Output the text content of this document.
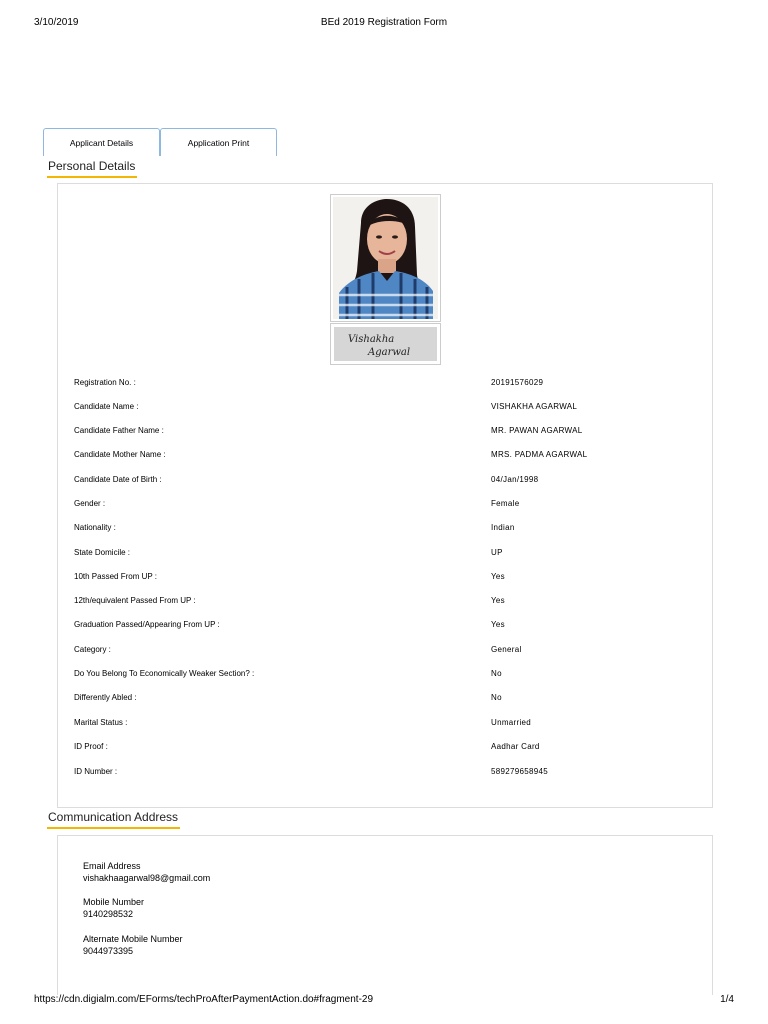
3/10/2019	BEd 2019 Registration Form
Applicant Details	Application Print
Personal Details
Vishakha
Agarwal
Registration No. :	20191576029
Candidate Name :	VISHAKHA AGARWAL
Candidate Father Name :	MR. PAWAN AGARWAL
Candidate Mother Name :	MRS. PADMA AGARWAL
Candidate Date of Birth :	04/Jan/1998
Gender :	Female
Nationality :	Indian
State Domicile :	UP
10th Passed From UP :	Yes
12th/equivalent Passed From UP :	Yes
Graduation Passed/Appearing From UP :	Yes
Category :	General
Do You Belong To Economically Weaker Section? :	No
Differently Abled :	No
Marital Status :	Unmarried
ID Proof :	Aadhar Card
ID Number :	589279658945
Communication Address
Email Address
vishakhaagarwal98@gmail.com
Mobile Number
9140298532
Alternate Mobile Number
9044973395
https://cdn.digialm.com/EForms/techProAfterPaymentAction.do#fragment-29	1/4
